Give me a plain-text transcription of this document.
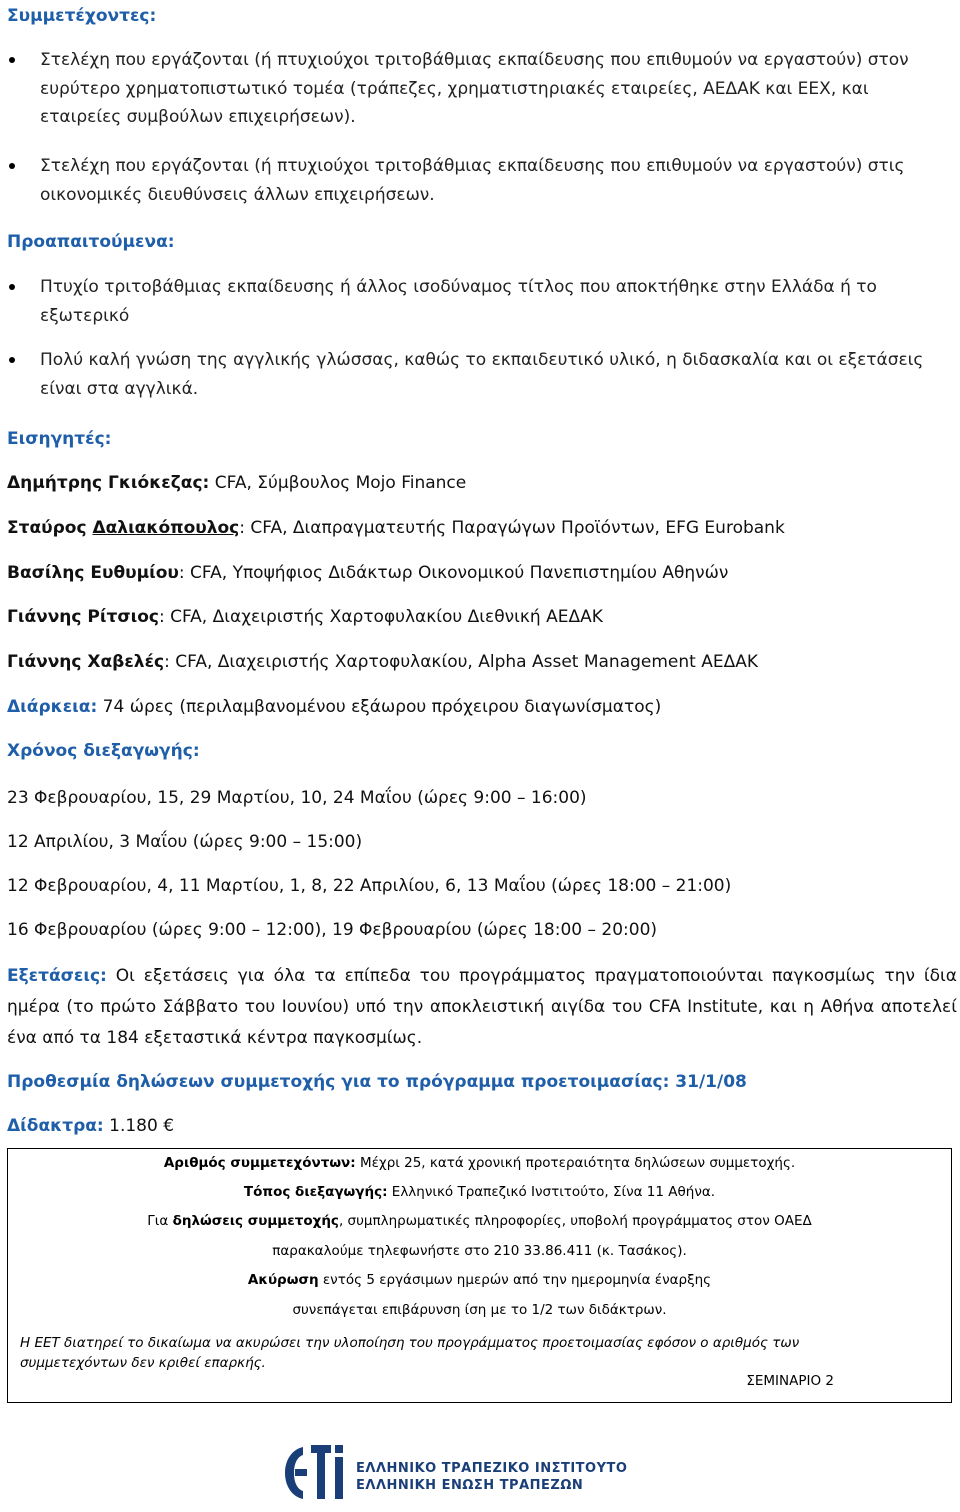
Συμμετέχοντες:
Στελέχη που εργάζονται (ή πτυχιούχοι τριτοβάθμιας εκπαίδευσης που επιθυμούν να εργαστούν) στον ευρύτερο χρηματοπιστωτικό τομέα (τράπεζες, χρηματιστηριακές εταιρείες, ΑΕΔΑΚ και ΕΕΧ, και εταιρείες συμβούλων επιχειρήσεων).
Στελέχη που εργάζονται (ή πτυχιούχοι τριτοβάθμιας εκπαίδευσης που επιθυμούν να εργαστούν) στις οικονομικές διευθύνσεις άλλων επιχειρήσεων.
Προαπαιτούμενα:
Πτυχίο τριτοβάθμιας εκπαίδευσης ή άλλος ισοδύναμος τίτλος που αποκτήθηκε στην Ελλάδα ή το εξωτερικό
Πολύ καλή γνώση της αγγλικής γλώσσας, καθώς το εκπαιδευτικό υλικό, η διδασκαλία και οι εξετάσεις είναι στα αγγλικά.
Εισηγητές:
Δημήτρης Γκιόκεζας: CFA, Σύμβουλος Mojo Finance
Σταύρος Δαλιακόπουλος: CFA, Διαπραγματευτής Παραγώγων Προϊόντων, EFG Eurobank
Βασίλης Ευθυμίου: CFA, Υποψήφιος Διδάκτωρ Οικονομικού Πανεπιστημίου Αθηνών
Γιάννης Ρίτσιος: CFA, Διαχειριστής Χαρτοφυλακίου Διεθνική ΑΕΔΑΚ
Γιάννης Χαβελές: CFA, Διαχειριστής Χαρτοφυλακίου, Alpha Asset Management ΑΕΔΑΚ
Διάρκεια: 74 ώρες (περιλαμβανομένου εξάωρου πρόχειρου διαγωνίσματος)
Χρόνος διεξαγωγής:
23 Φεβρουαρίου, 15, 29 Μαρτίου, 10, 24 Μαΐου (ώρες 9:00 – 16:00)
12 Απριλίου, 3 Μαΐου (ώρες 9:00 – 15:00)
12 Φεβρουαρίου, 4, 11 Μαρτίου, 1, 8, 22 Απριλίου, 6, 13 Μαΐου (ώρες 18:00 – 21:00)
16 Φεβρουαρίου (ώρες 9:00 – 12:00), 19 Φεβρουαρίου (ώρες 18:00 – 20:00)
Εξετάσεις: Οι εξετάσεις για όλα τα επίπεδα του προγράμματος πραγματοποιούνται παγκοσμίως την ίδια ημέρα (το πρώτο Σάββατο του Ιουνίου) υπό την αποκλειστική αιγίδα του CFA Institute, και η Αθήνα αποτελεί ένα από τα 184 εξεταστικά κέντρα παγκοσμίως.
Προθεσμία δηλώσεων συμμετοχής για το πρόγραμμα προετοιμασίας: 31/1/08
Δίδακτρα: 1.180 €
Αριθμός συμμετεχόντων: Μέχρι 25, κατά χρονική προτεραιότητα δηλώσεων συμμετοχής.
Τόπος διεξαγωγής: Ελληνικό Τραπεζικό Ινστιτούτο, Σίνα 11 Αθήνα.
Για δηλώσεις συμμετοχής, συμπληρωματικές πληροφορίες, υποβολή προγράμματος στον ΟΑΕΔ
παρακαλούμε τηλεφωνήστε στο 210 33.86.411 (κ. Τασάκος).
Ακύρωση εντός 5 εργάσιμων ημερών από την ημερομηνία έναρξης
συνεπάγεται επιβάρυνση ίση με το 1/2 των διδάκτρων.
Η ΕΕΤ διατηρεί το δικαίωμα να ακυρώσει την υλοποίηση του προγράμματος προετοιμασίας εφόσον ο αριθμός των συμμετεχόντων δεν κριθεί επαρκής.
ΣΕΜΙΝΑΡΙΟ 2
ΕΛΛΗΝΙΚΟ ΤΡΑΠΕΖΙΚΟ ΙΝΣΤΙΤΟΥΤΟ
ΕΛΛΗΝΙΚΗ ΕΝΩΣΗ ΤΡΑΠΕΖΩΝ
